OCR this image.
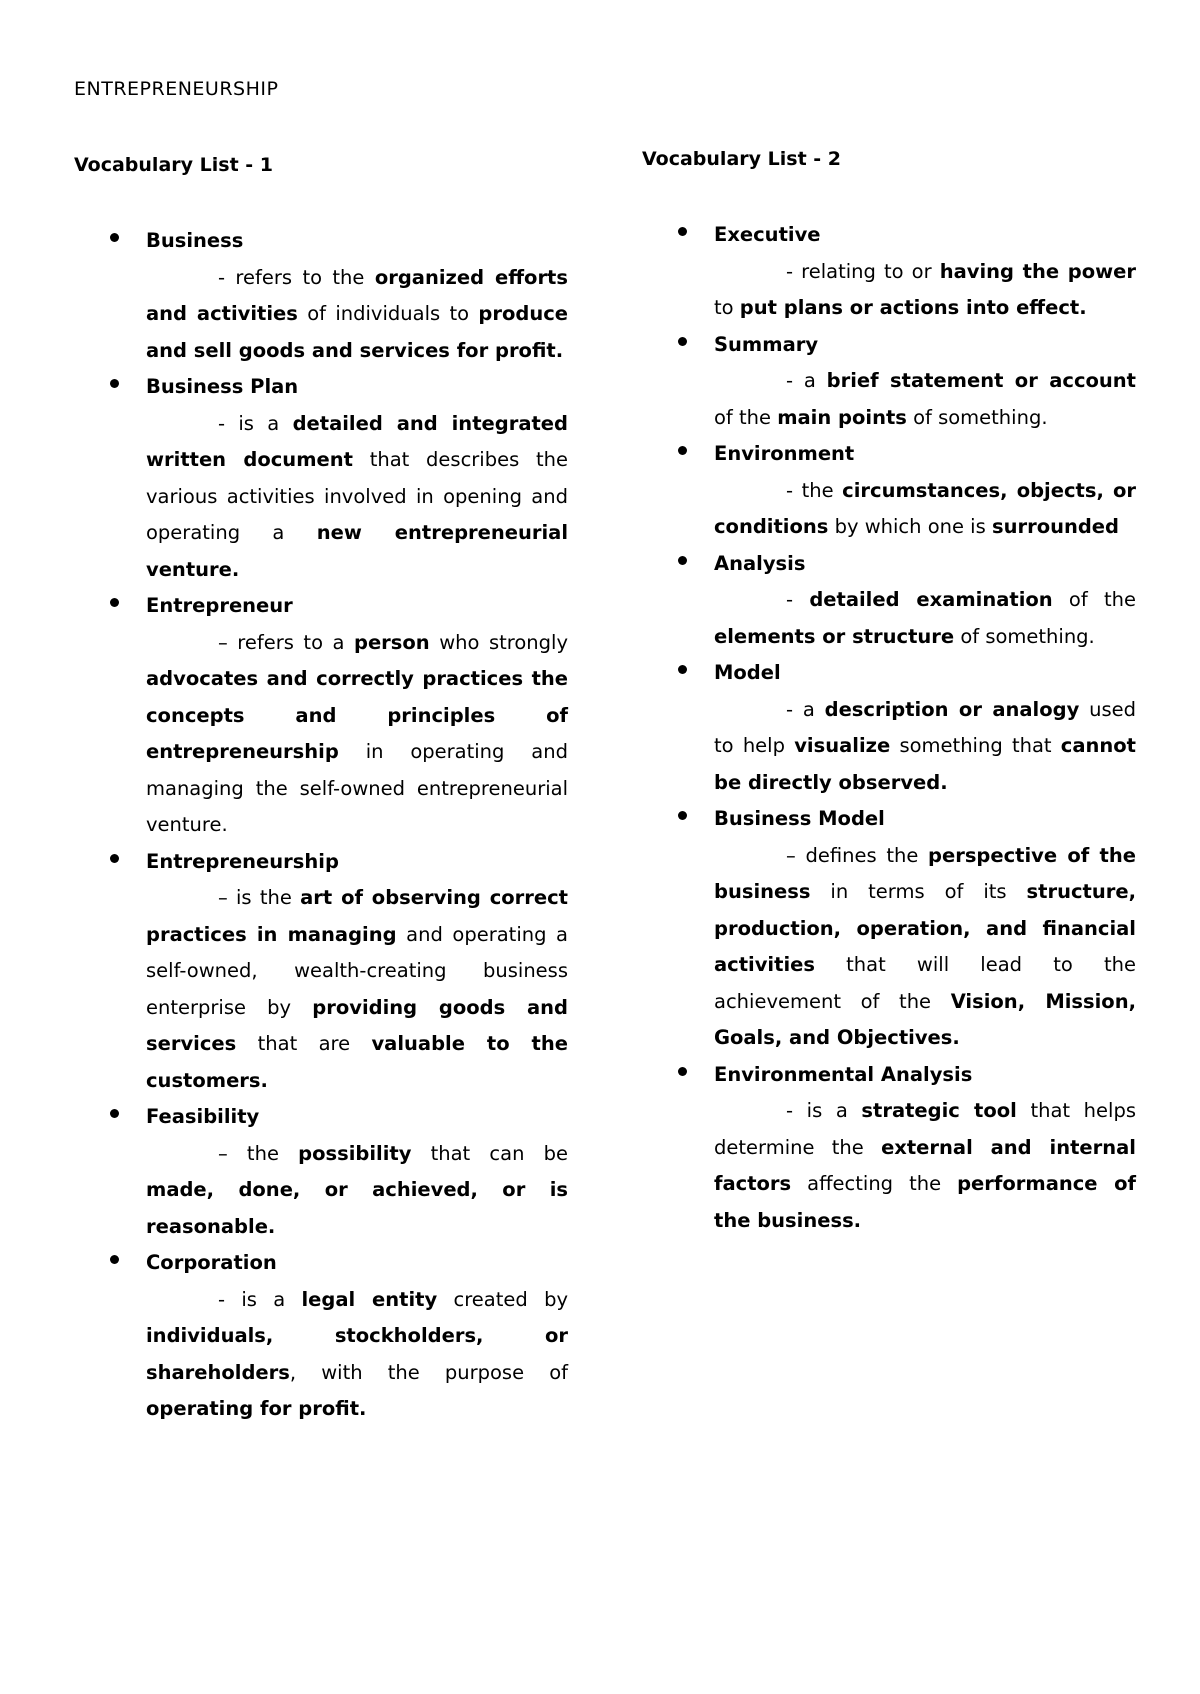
ENTREPRENEURSHIP
Vocabulary List - 1
Business

- refers to the organized efforts and activities of individuals to produce and sell goods and services for profit.

Business Plan

- is a detailed and integrated written document that describes the various activities involved in opening and operating a new entrepreneurial venture.

Entrepreneur

– refers to a person who strongly advocates and correctly practices the concepts and principles of entrepreneurship in operating and managing the self-owned entrepreneurial venture.

Entrepreneurship

– is the art of observing correct practices in managing and operating a self-owned, wealth-creating business enterprise by providing goods and services that are valuable to the customers.

Feasibility

– the possibility that can be made, done, or achieved, or is reasonable.

Corporation

- is a legal entity created by individuals, stockholders, or shareholders, with the purpose of operating for profit.

Vocabulary List - 2
Executive

- relating to or having the power to put plans or actions into effect.

Summary

- a brief statement or account of the main points of something.

Environment

- the circumstances, objects, or conditions by which one is surrounded

Analysis

- detailed examination of the elements or structure of something.

Model

- a description or analogy used to help visualize something that cannot be directly observed.

Business Model

– defines the perspective of the business in terms of its structure, production, operation, and financial activities that will lead to the achievement of the Vision, Mission, Goals, and Objectives.

Environmental Analysis

- is a strategic tool that helps determine the external and internal factors affecting the performance of the business.
